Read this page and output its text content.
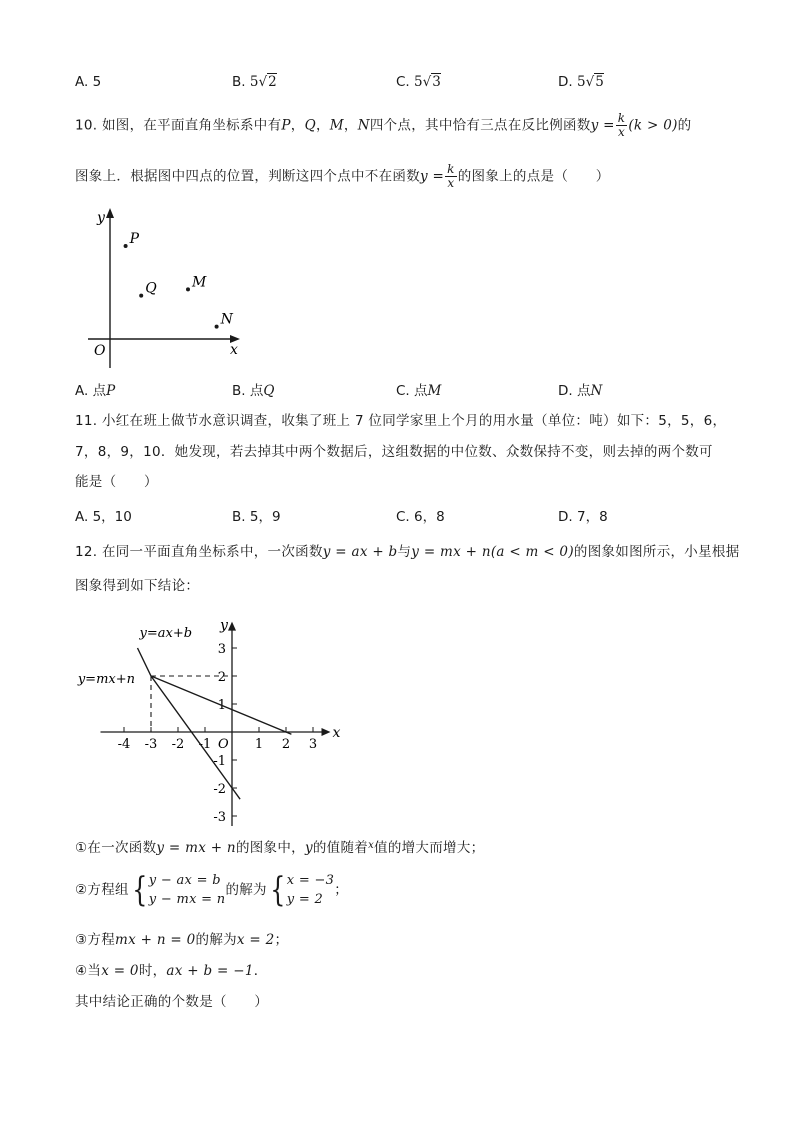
A. 5	B. 5√2	C. 5√3	D. 5√5
10. 如图，在平面直角坐标系中有P，Q，M，N四个点，其中恰有三点在反比例函数$y = \frac{k}{x} (k > 0)$的
图象上．根据图中四点的位置，判断这四个点中不在函数$y = \frac{k}{x}$ 的图象上的点是（　　）
y
x
O
P
Q	M
N
A. 点P	B. 点Q	C. 点M	D. 点N
11. 小红在班上做节水意识调查，收集了班上 7 位同学家里上个月的用水量（单位：吨）如下：5，5，6，
7，8，9，10．她发现，若去掉其中两个数据后，这组数据的中位数、众数保持不变，则去掉的两个数可
能是（　　）
A. 5，10	B. 5，9	C. 6，8	D. 7，8
12. 在同一平面直角坐标系中，一次函数y = ax + b与y = mx + n(a < m < 0)的图象如图所示，小星根据
图象得到如下结论：
x
y
O
-4 -3 -2 -1	1 2 3
3
2
1
-1
-2
-3
y=ax+b
y=mx+n
①在一次函数y = mx + n的图象中，y的值随着$^x$值的增大而增大；
②方程组{ y − ax = b
y − mx = n
的解为{ x = −3
y = 2
；
③方程mx + n = 0的解为x = 2；
④当x = 0时，ax + b = −1．
其中结论正确的个数是（　　）
